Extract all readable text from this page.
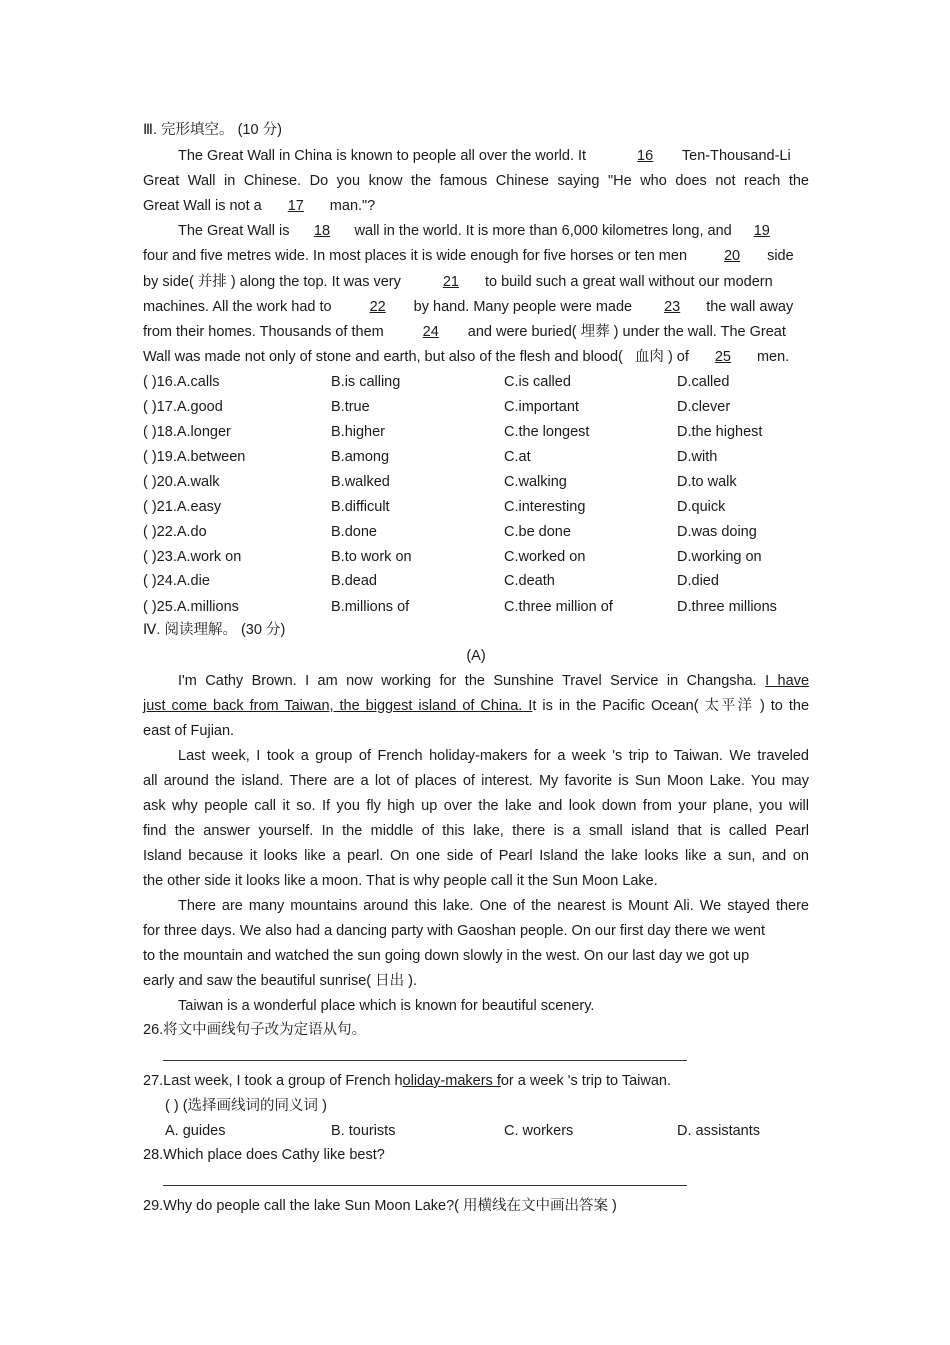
Ⅲ. 完形填空。 (10 分)
The Great Wall in China is known to people all over the world. It	16 Ten-Thousand-Li
Great Wall in Chinese. Do you know the famous Chinese saying "He who does not reach the
Great Wall is not a 17 man."?
The Great Wall is 18 wall in the world. It is more than 6,000 kilometres long, and 19
four and five metres wide. In most places it is wide enough for five horses or ten men	20 side
by side( 并排 ) along the top. It was very	21 to build such a great wall without our modern
machines. All the work had to	22 by hand. Many people were made 23 the wall away
from their homes. Thousands of them	24 and were buried( 埋葬 ) under the wall. The Great
Wall was made not only of stone and earth, but also of the flesh and blood( 血肉 ) of 25 men.
( )16.A.calls	B.is calling	C.is called	D.called
( )17.A.good	B.true	C.important	D.clever
( )18.A.longer	B.higher	C.the longest	D.the highest
( )19.A.between	B.among	C.at	D.with
( )20.A.walk	B.walked	C.walking	D.to walk
( )21.A.easy	B.difficult	C.interesting	D.quick
( )22.A.do	B.done	C.be done	D.was doing
( )23.A.work on	B.to work on	C.worked on	D.working on
( )24.A.die	B.dead	C.death	D.died
( )25.A.millions	B.millions of	C.three million of	D.three millions
Ⅳ. 阅读理解。 (30 分)
(A)
I'm Cathy Brown. I am now working for the Sunshine Travel Service in Changsha. I have
just come back from Taiwan, the biggest island of China. It is in the Pacific Ocean( 太平洋 ) to the
east of Fujian.
Last week, I took a group of French holiday-makers for a week 's trip to Taiwan. We traveled
all around the island. There are a lot of places of interest. My favorite is Sun Moon Lake. You may
ask why people call it so. If you fly high up over the lake and look down from your plane, you will
find the answer yourself. In the middle of this lake, there is a small island that is called Pearl
Island because it looks like a pearl. On one side of Pearl Island the lake looks like a sun, and on
the other side it looks like a moon. That is why people call it the Sun Moon Lake.
There are many mountains around this lake. One of the nearest is Mount Ali. We stayed there
for three days. We also had a dancing party with Gaoshan people. On our first day there we went
to the mountain and watched the sun going down slowly in the west. On our last day we got up
early and saw the beautiful sunrise( 日出 ).
Taiwan is a wonderful place which is known for beautiful scenery.
26.将文中画线句子改为定语从句。
27.Last week, I took a group of French holiday-makers for a week 's trip to Taiwan.
( ) (选择画线词的同义词 )
A. guides	B. tourists	C. workers	D. assistants
28.Which place does Cathy like best?
29.Why do people call the lake Sun Moon Lake?( 用横线在文中画出答案 )
